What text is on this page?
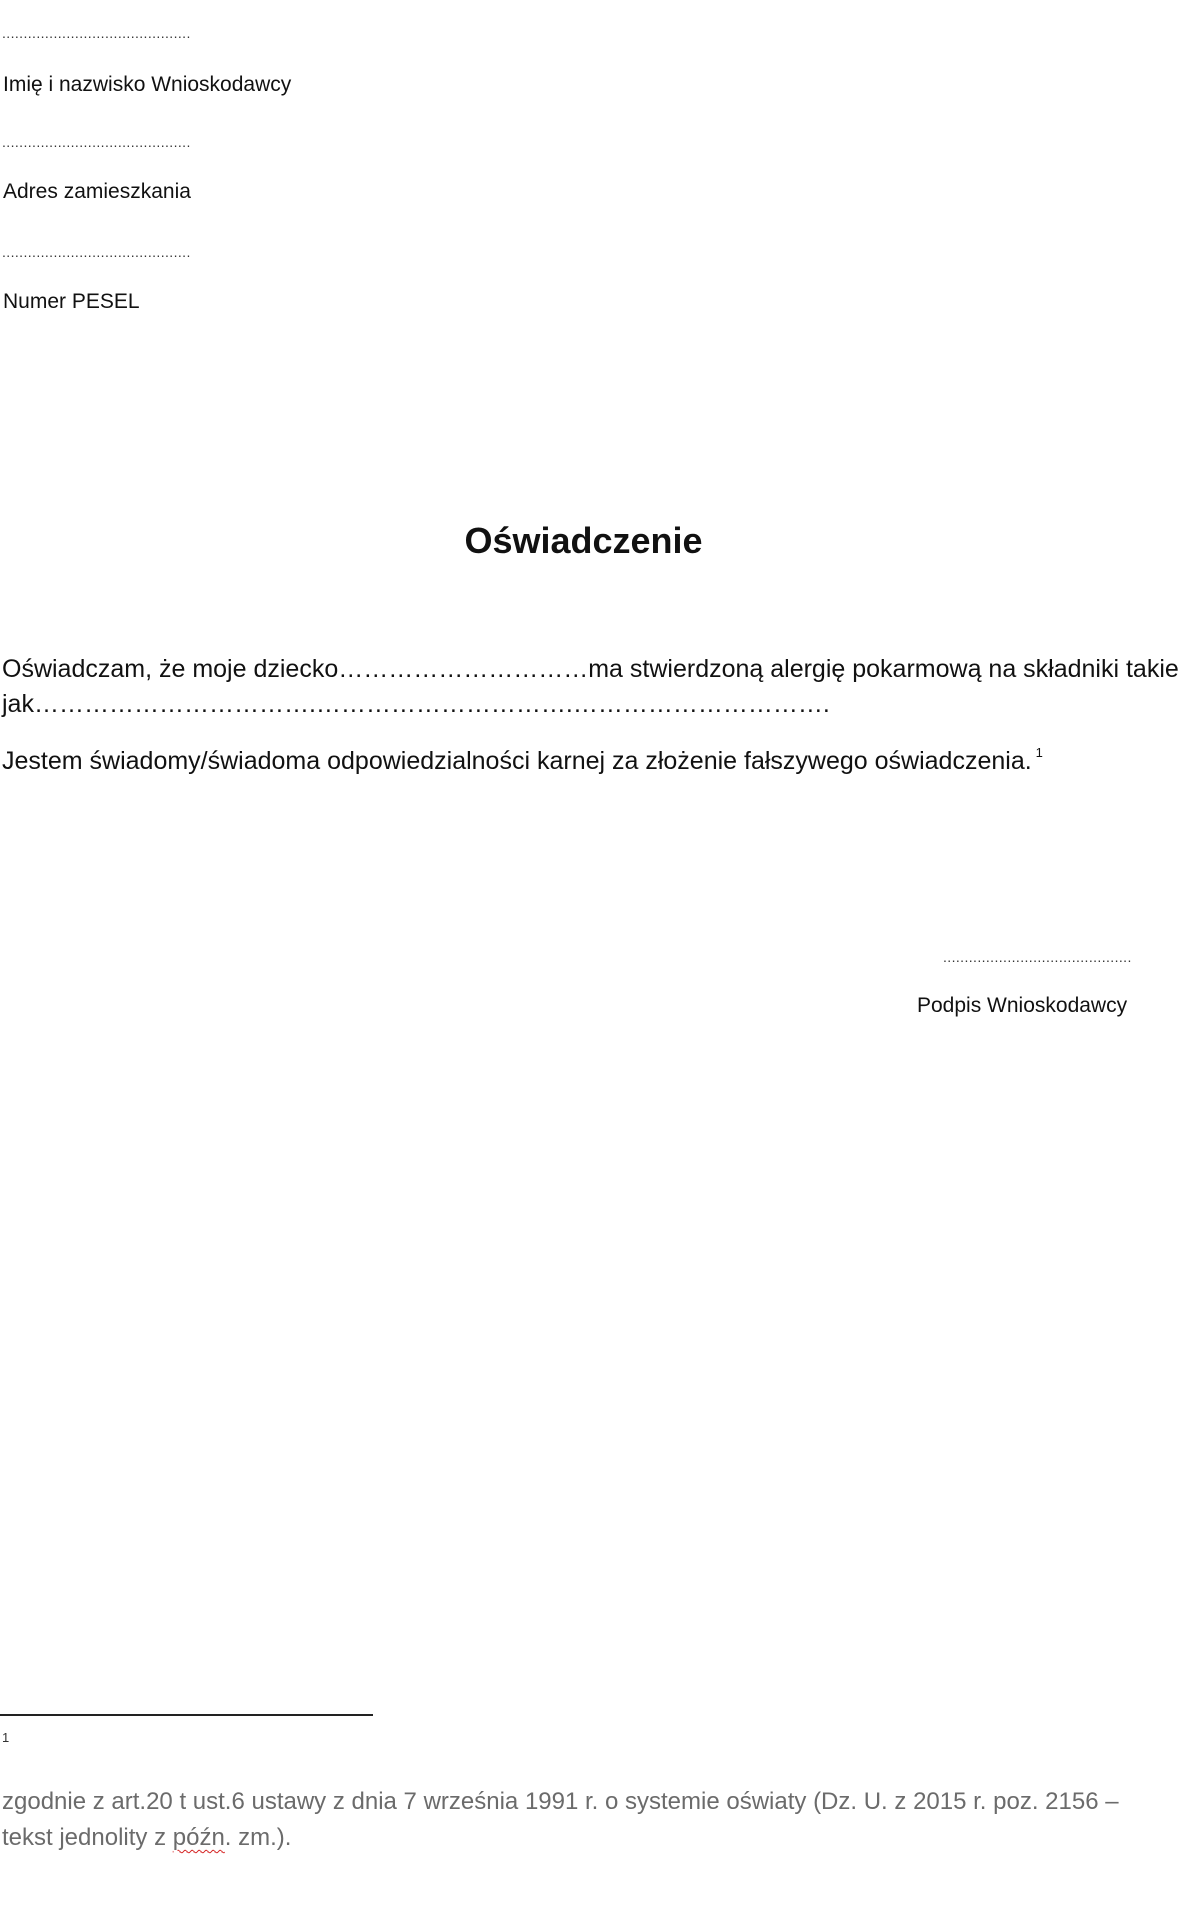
............................................
Imię i nazwisko Wnioskodawcy
............................................
Adres zamieszkania
............................................
Numer PESEL
Oświadczenie
Oświadczam, że moje dziecko…………………………ma stwierdzoną alergię pokarmową na składniki takie
jak…………………………….………………………….………………………….
Jestem świadomy/świadoma odpowiedzialności karnej za złożenie fałszywego oświadczenia. $^1$
............................................
Podpis Wnioskodawcy
1
zgodnie z art.20 t ust.6 ustawy z dnia 7 września 1991 r. o systemie oświaty (Dz. U. z 2015 r. poz. 2156 – tekst jednolity z późn. zm.).
